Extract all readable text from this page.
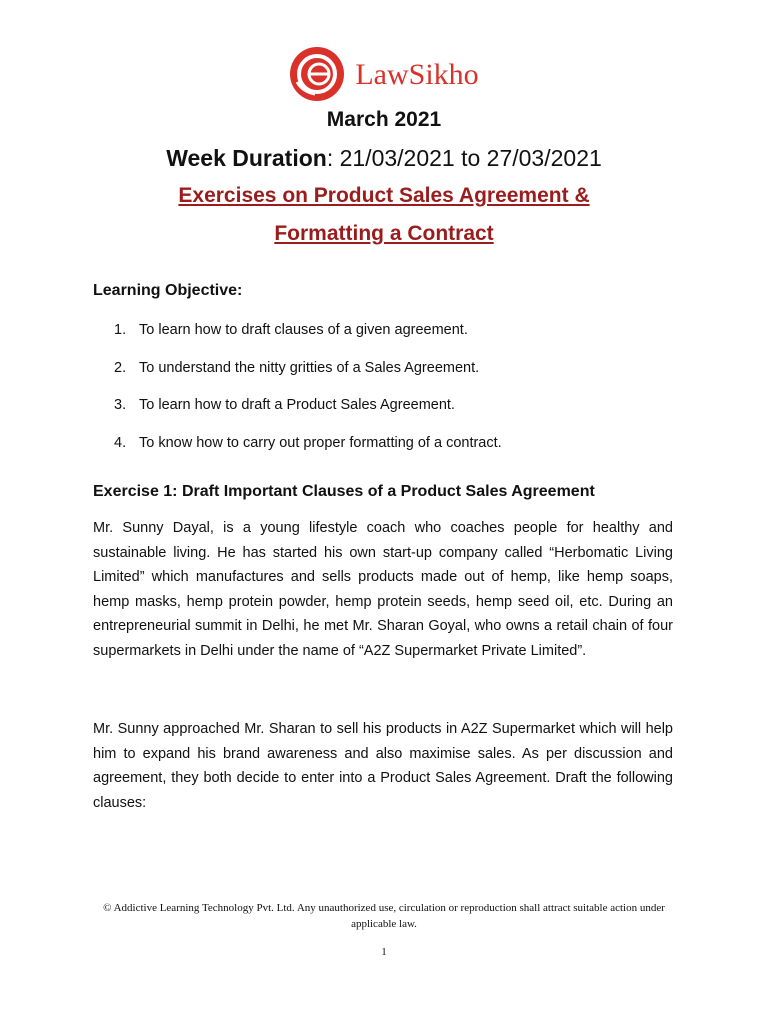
LawSikho
March 2021
Week Duration: 21/03/2021 to 27/03/2021
Exercises on Product Sales Agreement &
Formatting a Contract
Learning Objective:
1. To learn how to draft clauses of a given agreement.
2. To understand the nitty gritties of a Sales Agreement.
3. To learn how to draft a Product Sales Agreement.
4. To know how to carry out proper formatting of a contract.
Exercise 1: Draft Important Clauses of a Product Sales Agreement
Mr. Sunny Dayal, is a young lifestyle coach who coaches people for healthy and sustainable living. He has started his own start-up company called “Herbomatic Living Limited” which manufactures and sells products made out of hemp, like hemp soaps, hemp masks, hemp protein powder, hemp protein seeds, hemp seed oil, etc. During an entrepreneurial summit in Delhi, he met Mr. Sharan Goyal, who owns a retail chain of four supermarkets in Delhi under the name of “A2Z Supermarket Private Limited”.
Mr. Sunny approached Mr. Sharan to sell his products in A2Z Supermarket which will help him to expand his brand awareness and also maximise sales. As per discussion and agreement, they both decide to enter into a Product Sales Agreement. Draft the following clauses:
© Addictive Learning Technology Pvt. Ltd. Any unauthorized use, circulation or reproduction shall attract suitable action under applicable law.
1
